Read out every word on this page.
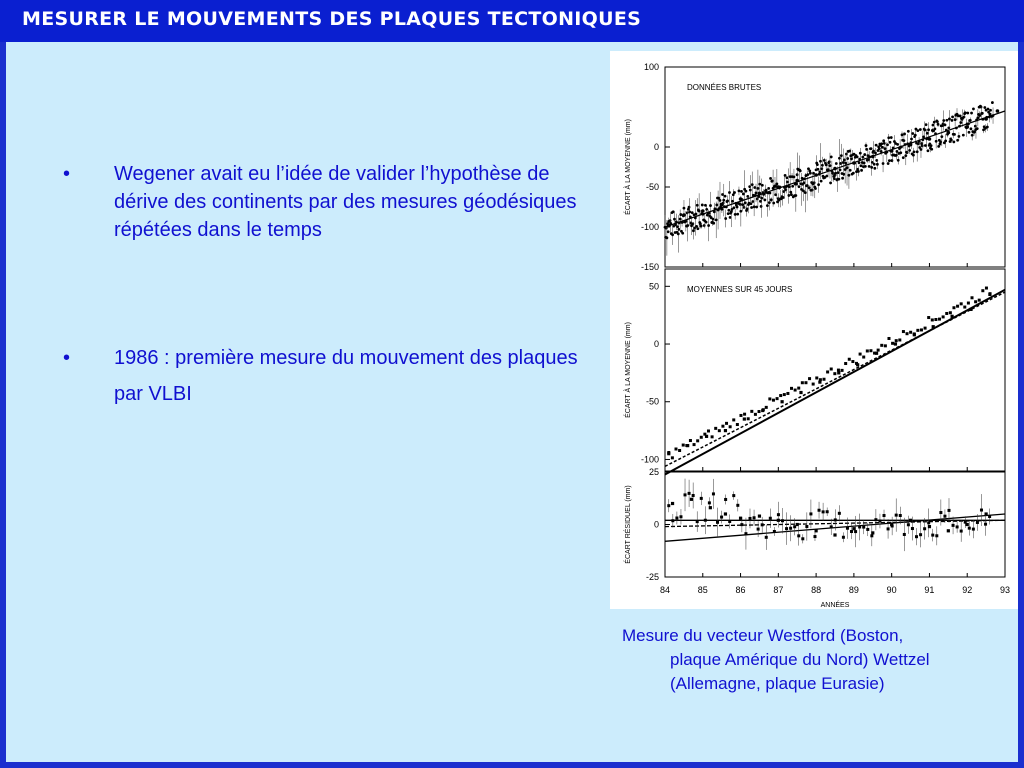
MESURER LE MOUVEMENTS DES PLAQUES TECTONIQUES
• Wegener avait eu l’idée de valider l’hypothèse de dérive des continents par des mesures géodésiques répétées dans le temps
• 1986 : première mesure du mouvement des plaques par VLBI
100
0
-50
-100
-150
DONNÉES BRUTES
ÉCART À LA MOYENNE (mm)
50
0
-50
-100
MOYENNES SUR 45 JOURS
ÉCART À LA MOYENNE (mm)
25
0
-25
ÉCART RÉSIDUEL (mm)
84	85	86	87	88	89	90	91	92	93
ANNÉES
Mesure du vecteur Westford (Boston,
plaque Amérique du Nord) Wettzel (Allemagne, plaque Eurasie)
